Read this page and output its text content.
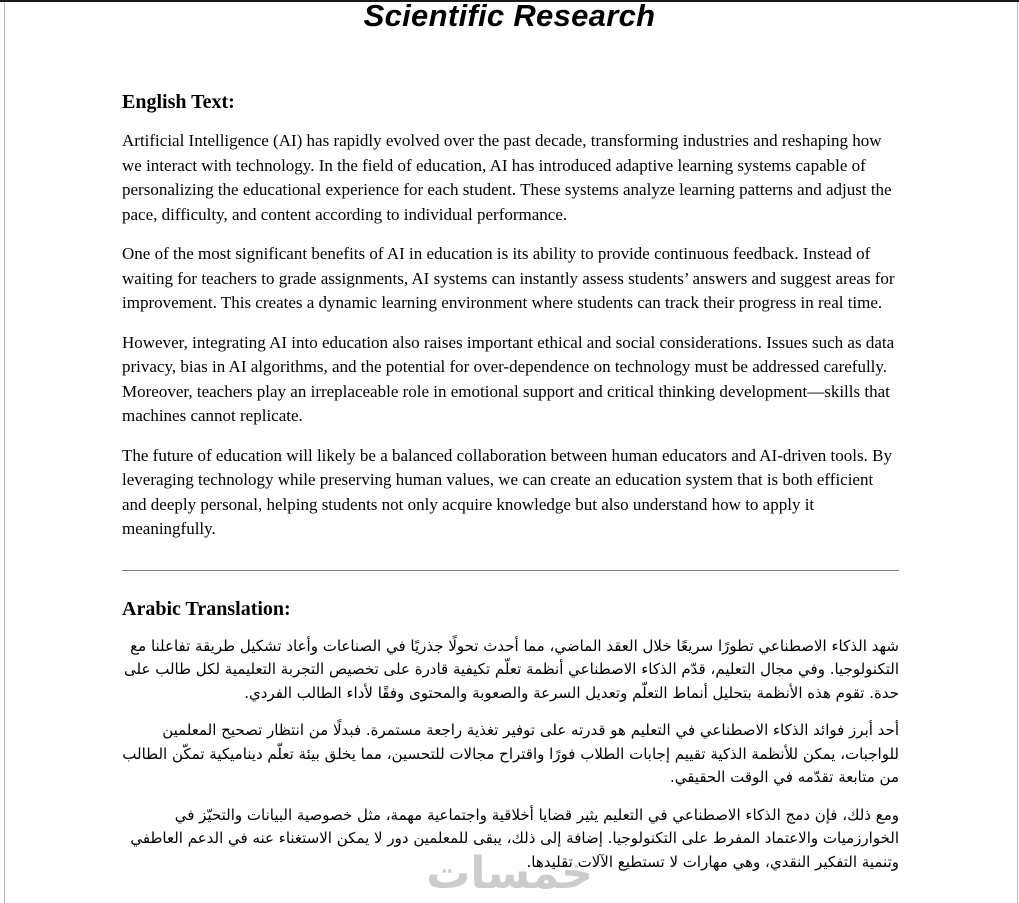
Scientific Research
English Text:

Artificial Intelligence (AI) has rapidly evolved over the past decade, transforming industries and reshaping how we interact with technology. In the field of education, AI has introduced adaptive learning systems capable of personalizing the educational experience for each student. These systems analyze learning patterns and adjust the pace, difficulty, and content according to individual performance.

One of the most significant benefits of AI in education is its ability to provide continuous feedback. Instead of waiting for teachers to grade assignments, AI systems can instantly assess students’ answers and suggest areas for improvement. This creates a dynamic learning environment where students can track their progress in real time.

However, integrating AI into education also raises important ethical and social considerations. Issues such as data privacy, bias in AI algorithms, and the potential for over-dependence on technology must be addressed carefully. Moreover, teachers play an irreplaceable role in emotional support and critical thinking development—skills that machines cannot replicate.

The future of education will likely be a balanced collaboration between human educators and AI-driven tools. By leveraging technology while preserving human values, we can create an education system that is both efficient and deeply personal, helping students not only acquire knowledge but also understand how to apply it meaningfully.

Arabic Translation:

شهد الذكاء الاصطناعي تطورًا سريعًا خلال العقد الماضي، مما أحدث تحولًا جذريًا في الصناعات وأعاد تشكيل طريقة تفاعلنا مع التكنولوجيا. وفي مجال التعليم، قدّم الذكاء الاصطناعي أنظمة تعلّم تكيفية قادرة على تخصيص التجربة التعليمية لكل طالب على حدة. تقوم هذه الأنظمة بتحليل أنماط التعلّم وتعديل السرعة والصعوبة والمحتوى وفقًا لأداء الطالب الفردي.

أحد أبرز فوائد الذكاء الاصطناعي في التعليم هو قدرته على توفير تغذية راجعة مستمرة. فبدلًا من انتظار تصحيح المعلمين للواجبات، يمكن للأنظمة الذكية تقييم إجابات الطلاب فورًا واقتراح مجالات للتحسين، مما يخلق بيئة تعلّم ديناميكية تمكّن الطالب من متابعة تقدّمه في الوقت الحقيقي.

ومع ذلك، فإن دمج الذكاء الاصطناعي في التعليم يثير قضايا أخلاقية واجتماعية مهمة، مثل خصوصية البيانات والتحيّز في الخوارزميات والاعتماد المفرط على التكنولوجيا. إضافة إلى ذلك، يبقى للمعلمين دور لا يمكن الاستغناء عنه في الدعم العاطفي وتنمية التفكير النقدي، وهي مهارات لا تستطيع الآلات تقليدها.

خمسات
